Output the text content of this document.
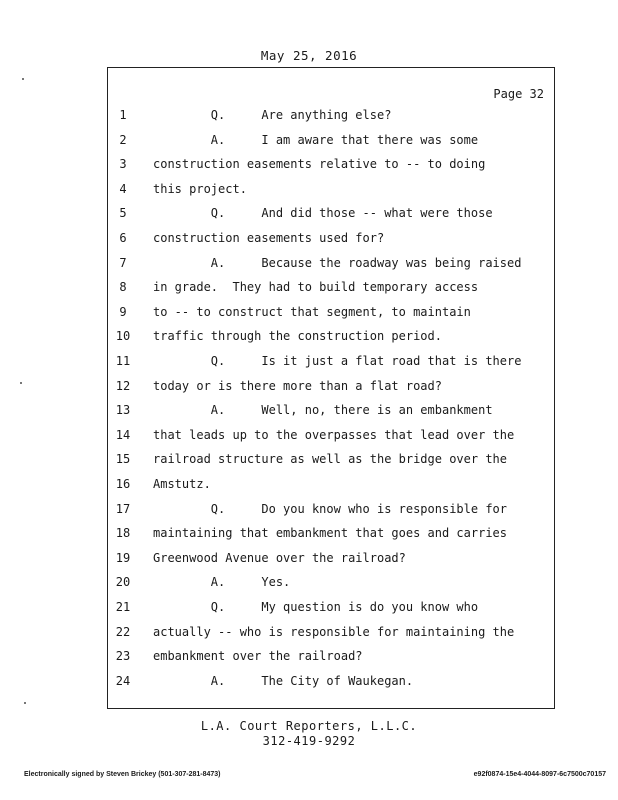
May 25, 2016
Page 32
1	Q.     Are anything else?
2	A.     I am aware that there was some
3	construction easements relative to -- to doing
4	this project.
5	Q.     And did those -- what were those
6	construction easements used for?
7	A.     Because the roadway was being raised
8	in grade.  They had to build temporary access
9	to -- to construct that segment, to maintain
10	traffic through the construction period.
11	Q.     Is it just a flat road that is there
12	today or is there more than a flat road?
13	A.     Well, no, there is an embankment
14	that leads up to the overpasses that lead over the
15	railroad structure as well as the bridge over the
16	Amstutz.
17	Q.     Do you know who is responsible for
18	maintaining that embankment that goes and carries
19	Greenwood Avenue over the railroad?
20	A.     Yes.
21	Q.     My question is do you know who
22	actually -- who is responsible for maintaining the
23	embankment over the railroad?
24	A.     The City of Waukegan.
L.A. Court Reporters, L.L.C.
312-419-9292
Electronically signed by Steven Brickey (501-307-281-8473)	e92f0874-15e4-4044-8097-6c7500c70157
